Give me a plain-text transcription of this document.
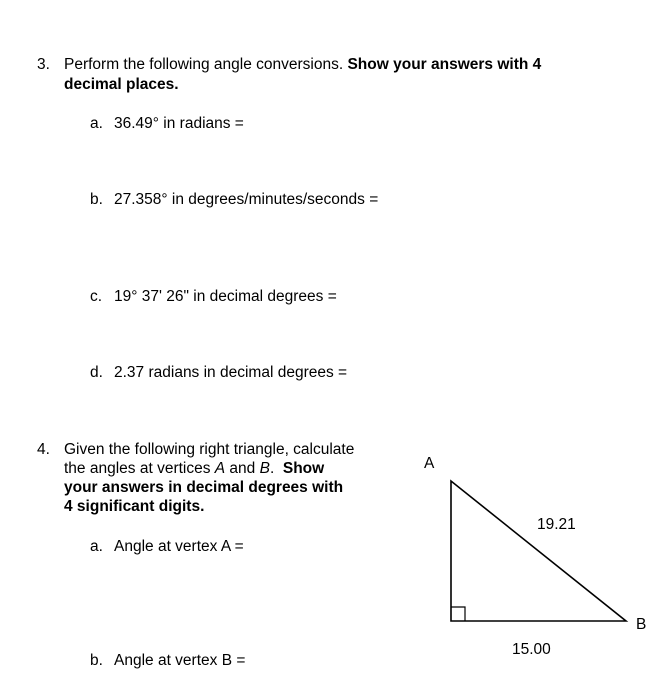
3. Perform the following angle conversions. Show your answers with 4
decimal places.
a. 36.49° in radians =
b. 27.358° in degrees/minutes/seconds =
c. 19° 37' 26" in decimal degrees =
d. 2.37 radians in decimal degrees =
4. Given the following right triangle, calculate
the angles at vertices A and B.  Show
your answers in decimal degrees with
4 significant digits.
a. Angle at vertex A =
b. Angle at vertex B =
A
B
19.21
15.00
